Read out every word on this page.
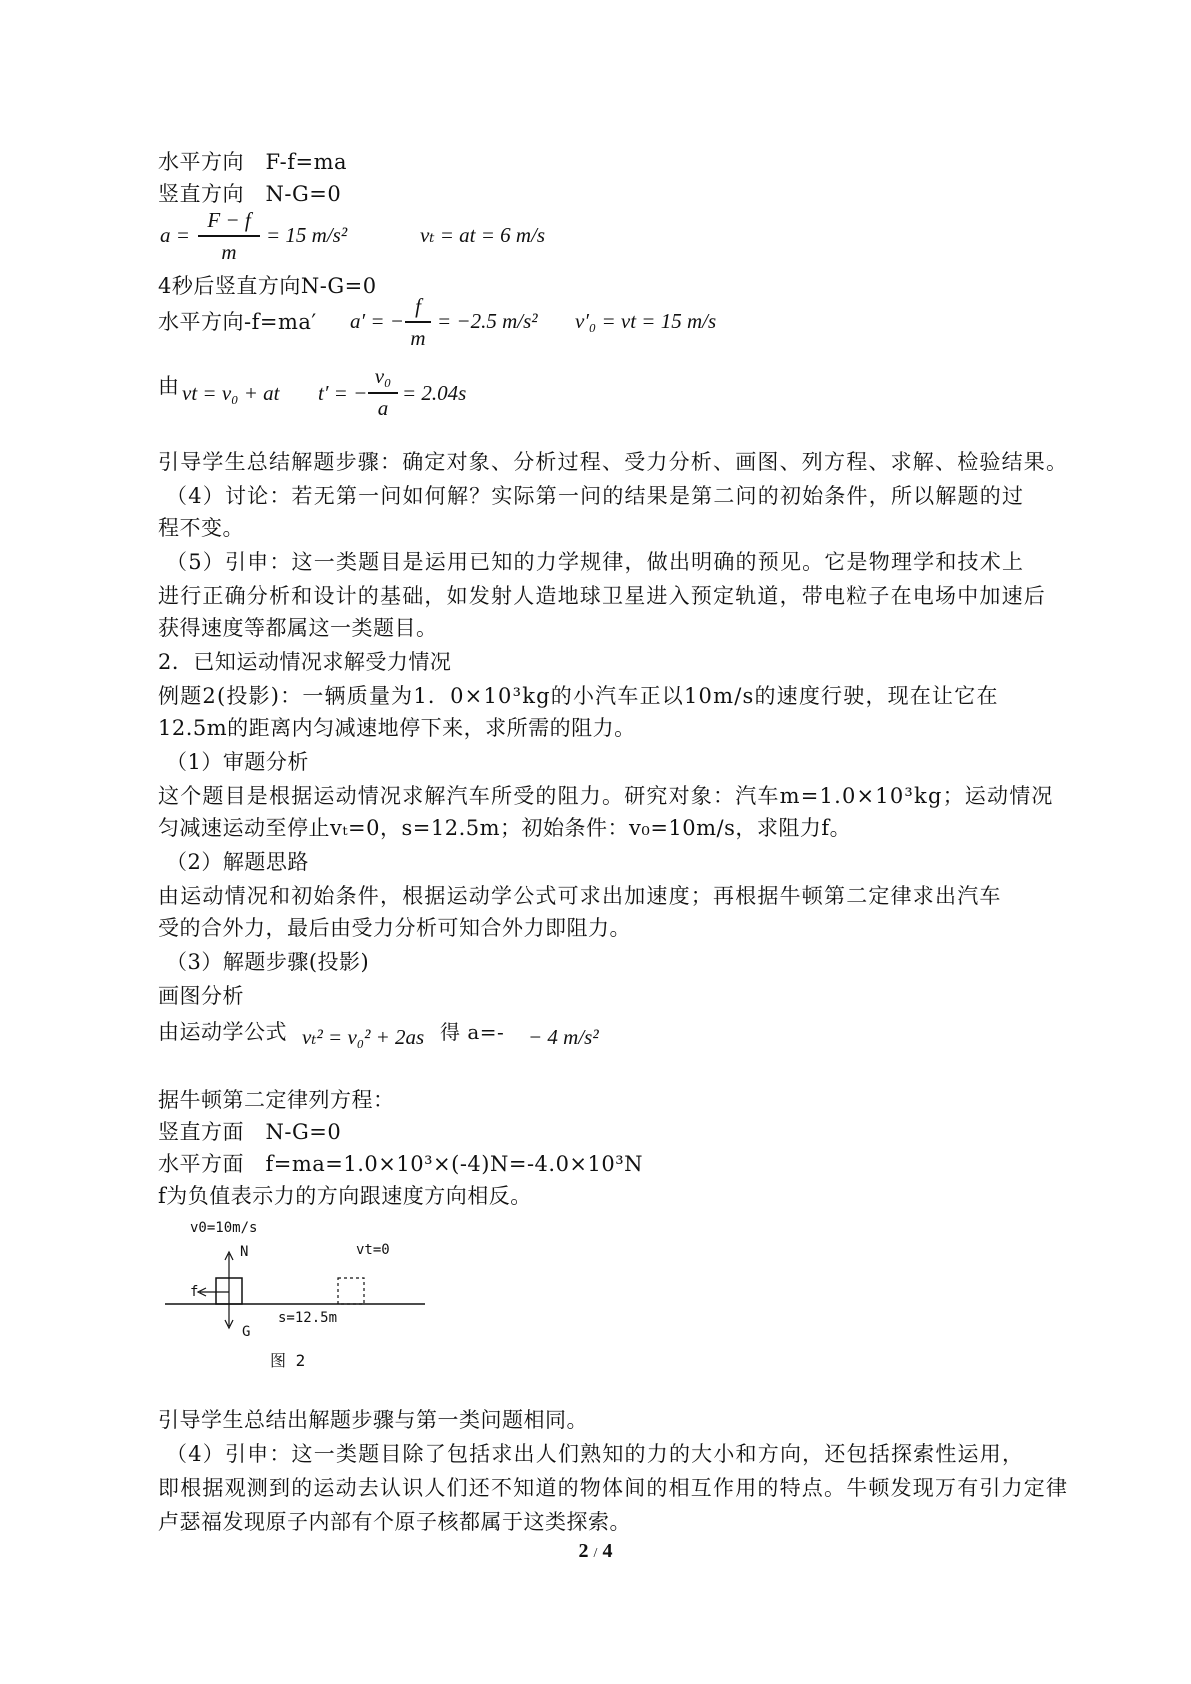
水平方向　F-f=ma
竖直方向　N-G=0
a =
F − f
m
= 15 m/s²	vₜ = at = 6 m/s
4秒后竖直方向N-G=0
水平方向-f=ma′ a′ = −
f
m
= −2.5 m/s² v′₀ = vt = 15 m/s
由 vt = v₀ + at t′ = −
v₀
a
= 2.04s
引导学生总结解题步骤：确定对象、分析过程、受力分析、画图、列方程、求解、检验结果。
（4）讨论：若无第一问如何解？实际第一问的结果是第二问的初始条件，所以解题的过
程不变。
（5）引申：这一类题目是运用已知的力学规律，做出明确的预见。它是物理学和技术上
进行正确分析和设计的基础，如发射人造地球卫星进入预定轨道，带电粒子在电场中加速后
获得速度等都属这一类题目。
2．已知运动情况求解受力情况
例题2(投影)：一辆质量为1．0×10³kg的小汽车正以10m/s的速度行驶，现在让它在
12.5m的距离内匀减速地停下来，求所需的阻力。
（1）审题分析
这个题目是根据运动情况求解汽车所受的阻力。研究对象：汽车m=1.0×10³kg；运动情况
匀减速运动至停止vₜ=0，s=12.5m；初始条件：v₀=10m/s，求阻力f。
（2）解题思路
由运动情况和初始条件，根据运动学公式可求出加速度；再根据牛顿第二定律求出汽车
受的合外力，最后由受力分析可知合外力即阻力。
（3）解题步骤(投影)
画图分析
由运动学公式 vₜ² = v₀² + 2as 得 a=- − 4 m/s²
据牛顿第二定律列方程：
竖直方面　N-G=0
水平方面　f=ma=1.0×10³×(-4)N=-4.0×10³N
f为负值表示力的方向跟速度方向相反。
v0=10m/s
N
f
G
vt=0
s=12.5m
图 2
引导学生总结出解题步骤与第一类问题相同。
（4）引申：这一类题目除了包括求出人们熟知的力的大小和方向，还包括探索性运用，
即根据观测到的运动去认识人们还不知道的物体间的相互作用的特点。牛顿发现万有引力定律
卢瑟福发现原子内部有个原子核都属于这类探索。
2 / 4
